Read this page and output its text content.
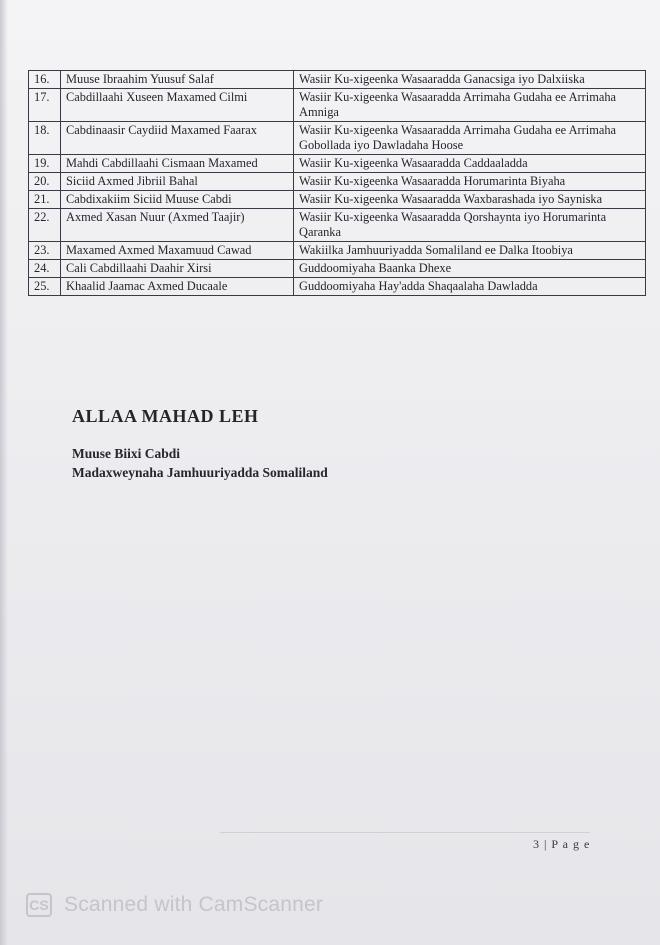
16.	Muuse Ibraahim Yuusuf Salaf	Wasiir Ku-xigeenka Wasaaradda Ganacsiga iyo Dalxiiska
17.	Cabdillaahi Xuseen Maxamed Cilmi	Wasiir Ku-xigeenka Wasaaradda Arrimaha Gudaha ee Arrimaha Amniga
18.	Cabdinaasir Caydiid Maxamed Faarax	Wasiir Ku-xigeenka Wasaaradda Arrimaha Gudaha ee Arrimaha Gobollada iyo Dawladaha Hoose
19.	Mahdi Cabdillaahi Cismaan Maxamed	Wasiir Ku-xigeenka Wasaaradda Caddaaladda
20.	Siciid Axmed Jibriil Bahal	Wasiir Ku-xigeenka Wasaaradda Horumarinta Biyaha
21.	Cabdixakiim Siciid Muuse Cabdi	Wasiir Ku-xigeenka Wasaaradda Waxbarashada iyo Sayniska
22.	Axmed Xasan Nuur (Axmed Taajir)	Wasiir Ku-xigeenka Wasaaradda Qorshaynta iyo Horumarinta Qaranka
23.	Maxamed Axmed Maxamuud Cawad	Wakiilka Jamhuuriyadda Somaliland ee Dalka Itoobiya
24.	Cali Cabdillaahi Daahir Xirsi	Guddoomiyaha Baanka Dhexe
25.	Khaalid Jaamac Axmed Ducaale	Guddoomiyaha Hay'adda Shaqaalaha Dawladda
ALLAA MAHAD LEH
Muuse Biixi Cabdi
Madaxweynaha Jamhuuriyadda Somaliland
3 | P a g e
CS Scanned with CamScanner
